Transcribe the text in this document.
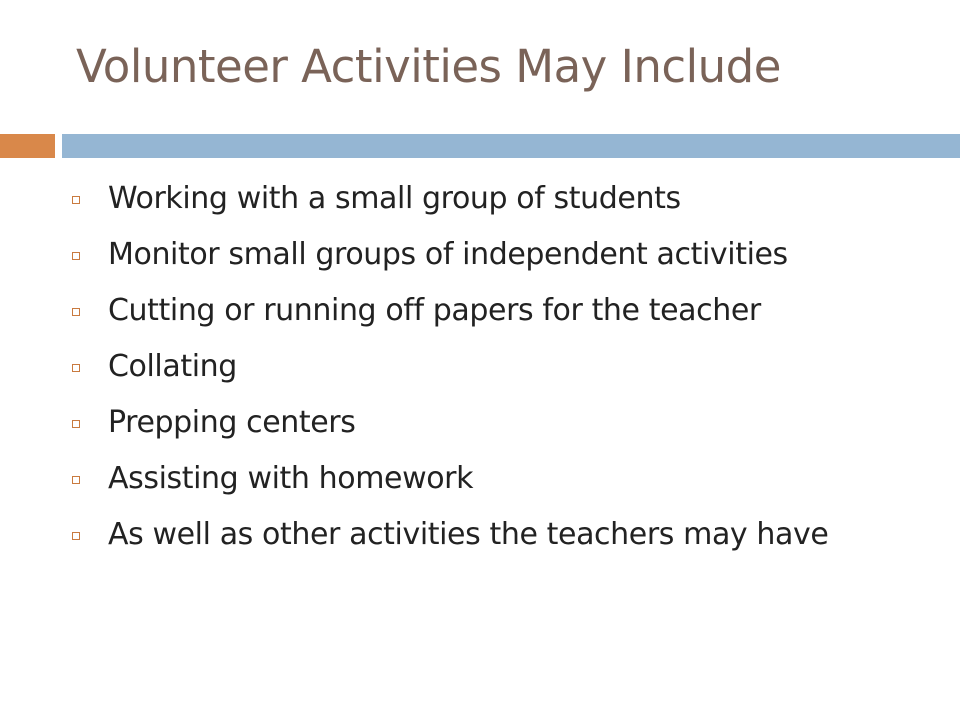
Volunteer Activities May Include
Working with a small group of students
Monitor small groups of independent activities
Cutting or running off papers for the teacher
Collating
Prepping centers
Assisting with homework
As well as other activities the teachers may have
